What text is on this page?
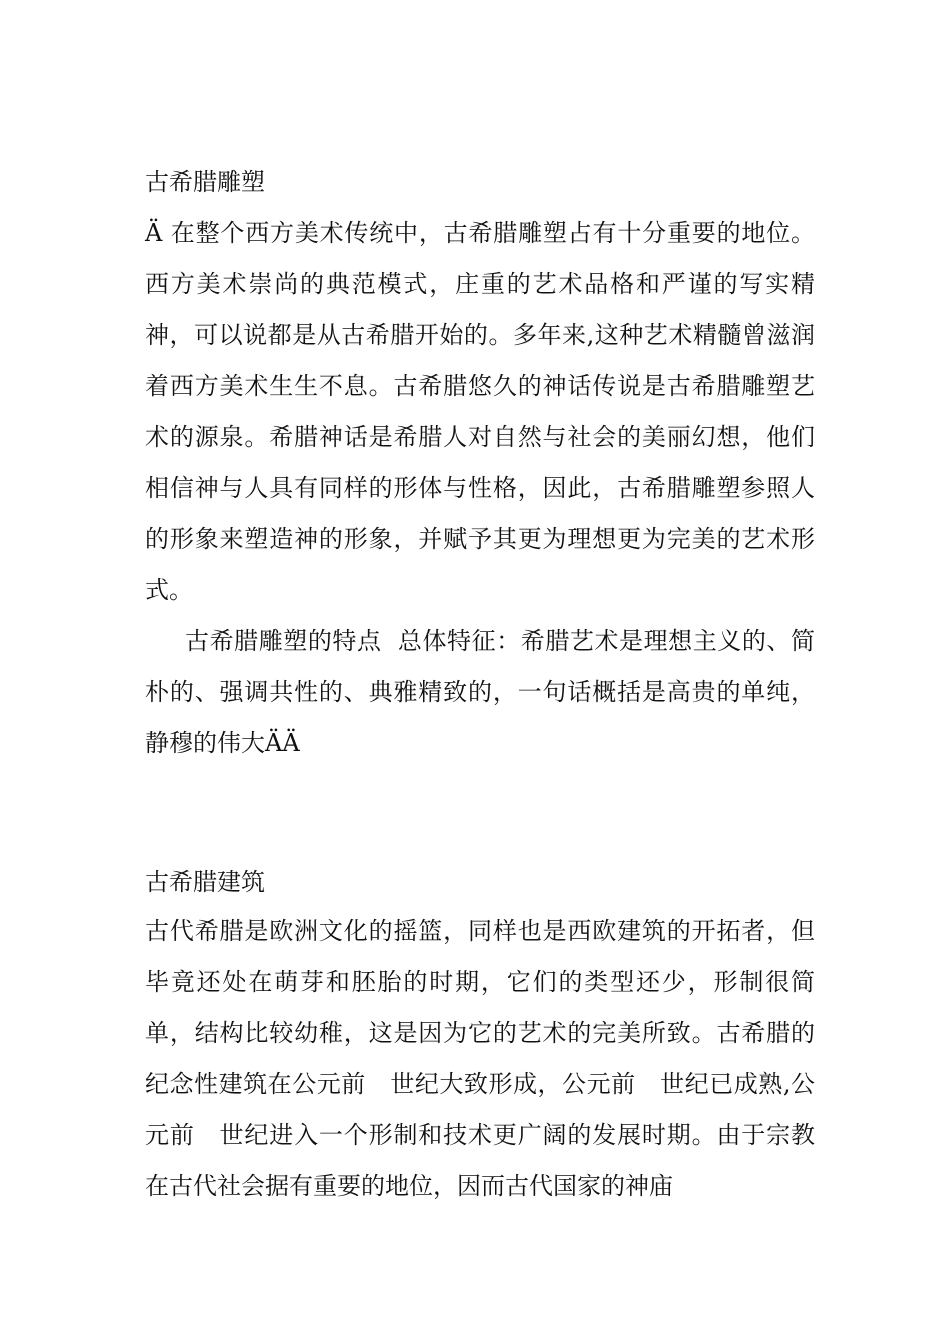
古希腊雕塑

Ä 在整个西方美术传统中，古希腊雕塑占有十分重要的地位。西方美术崇尚的典范模式，庄重的艺术品格和严谨的写实精神，可以说都是从古希腊开始的。多年来,这种艺术精髓曾滋润着西方美术生生不息。古希腊悠久的神话传说是古希腊雕塑艺术的源泉。希腊神话是希腊人对自然与社会的美丽幻想，他们相信神与人具有同样的形体与性格，因此，古希腊雕塑参照人的形象来塑造神的形象，并赋予其更为理想更为完美的艺术形式。

古希腊雕塑的特点  总体特征：希腊艺术是理想主义的、简朴的、强调共性的、典雅精致的，一句话概括是高贵的单纯，静穆的伟大ÄÄ

古希腊建筑

古代希腊是欧洲文化的摇篮，同样也是西欧建筑的开拓者，但毕竟还处在萌芽和胚胎的时期，它们的类型还少，形制很简单，结构比较幼稚，这是因为它的艺术的完美所致。古希腊的纪念性建筑在公元前　世纪大致形成，公元前　世纪已成熟,公元前　世纪进入一个形制和技术更广阔的发展时期。由于宗教在古代社会据有重要的地位，因而古代国家的神庙
